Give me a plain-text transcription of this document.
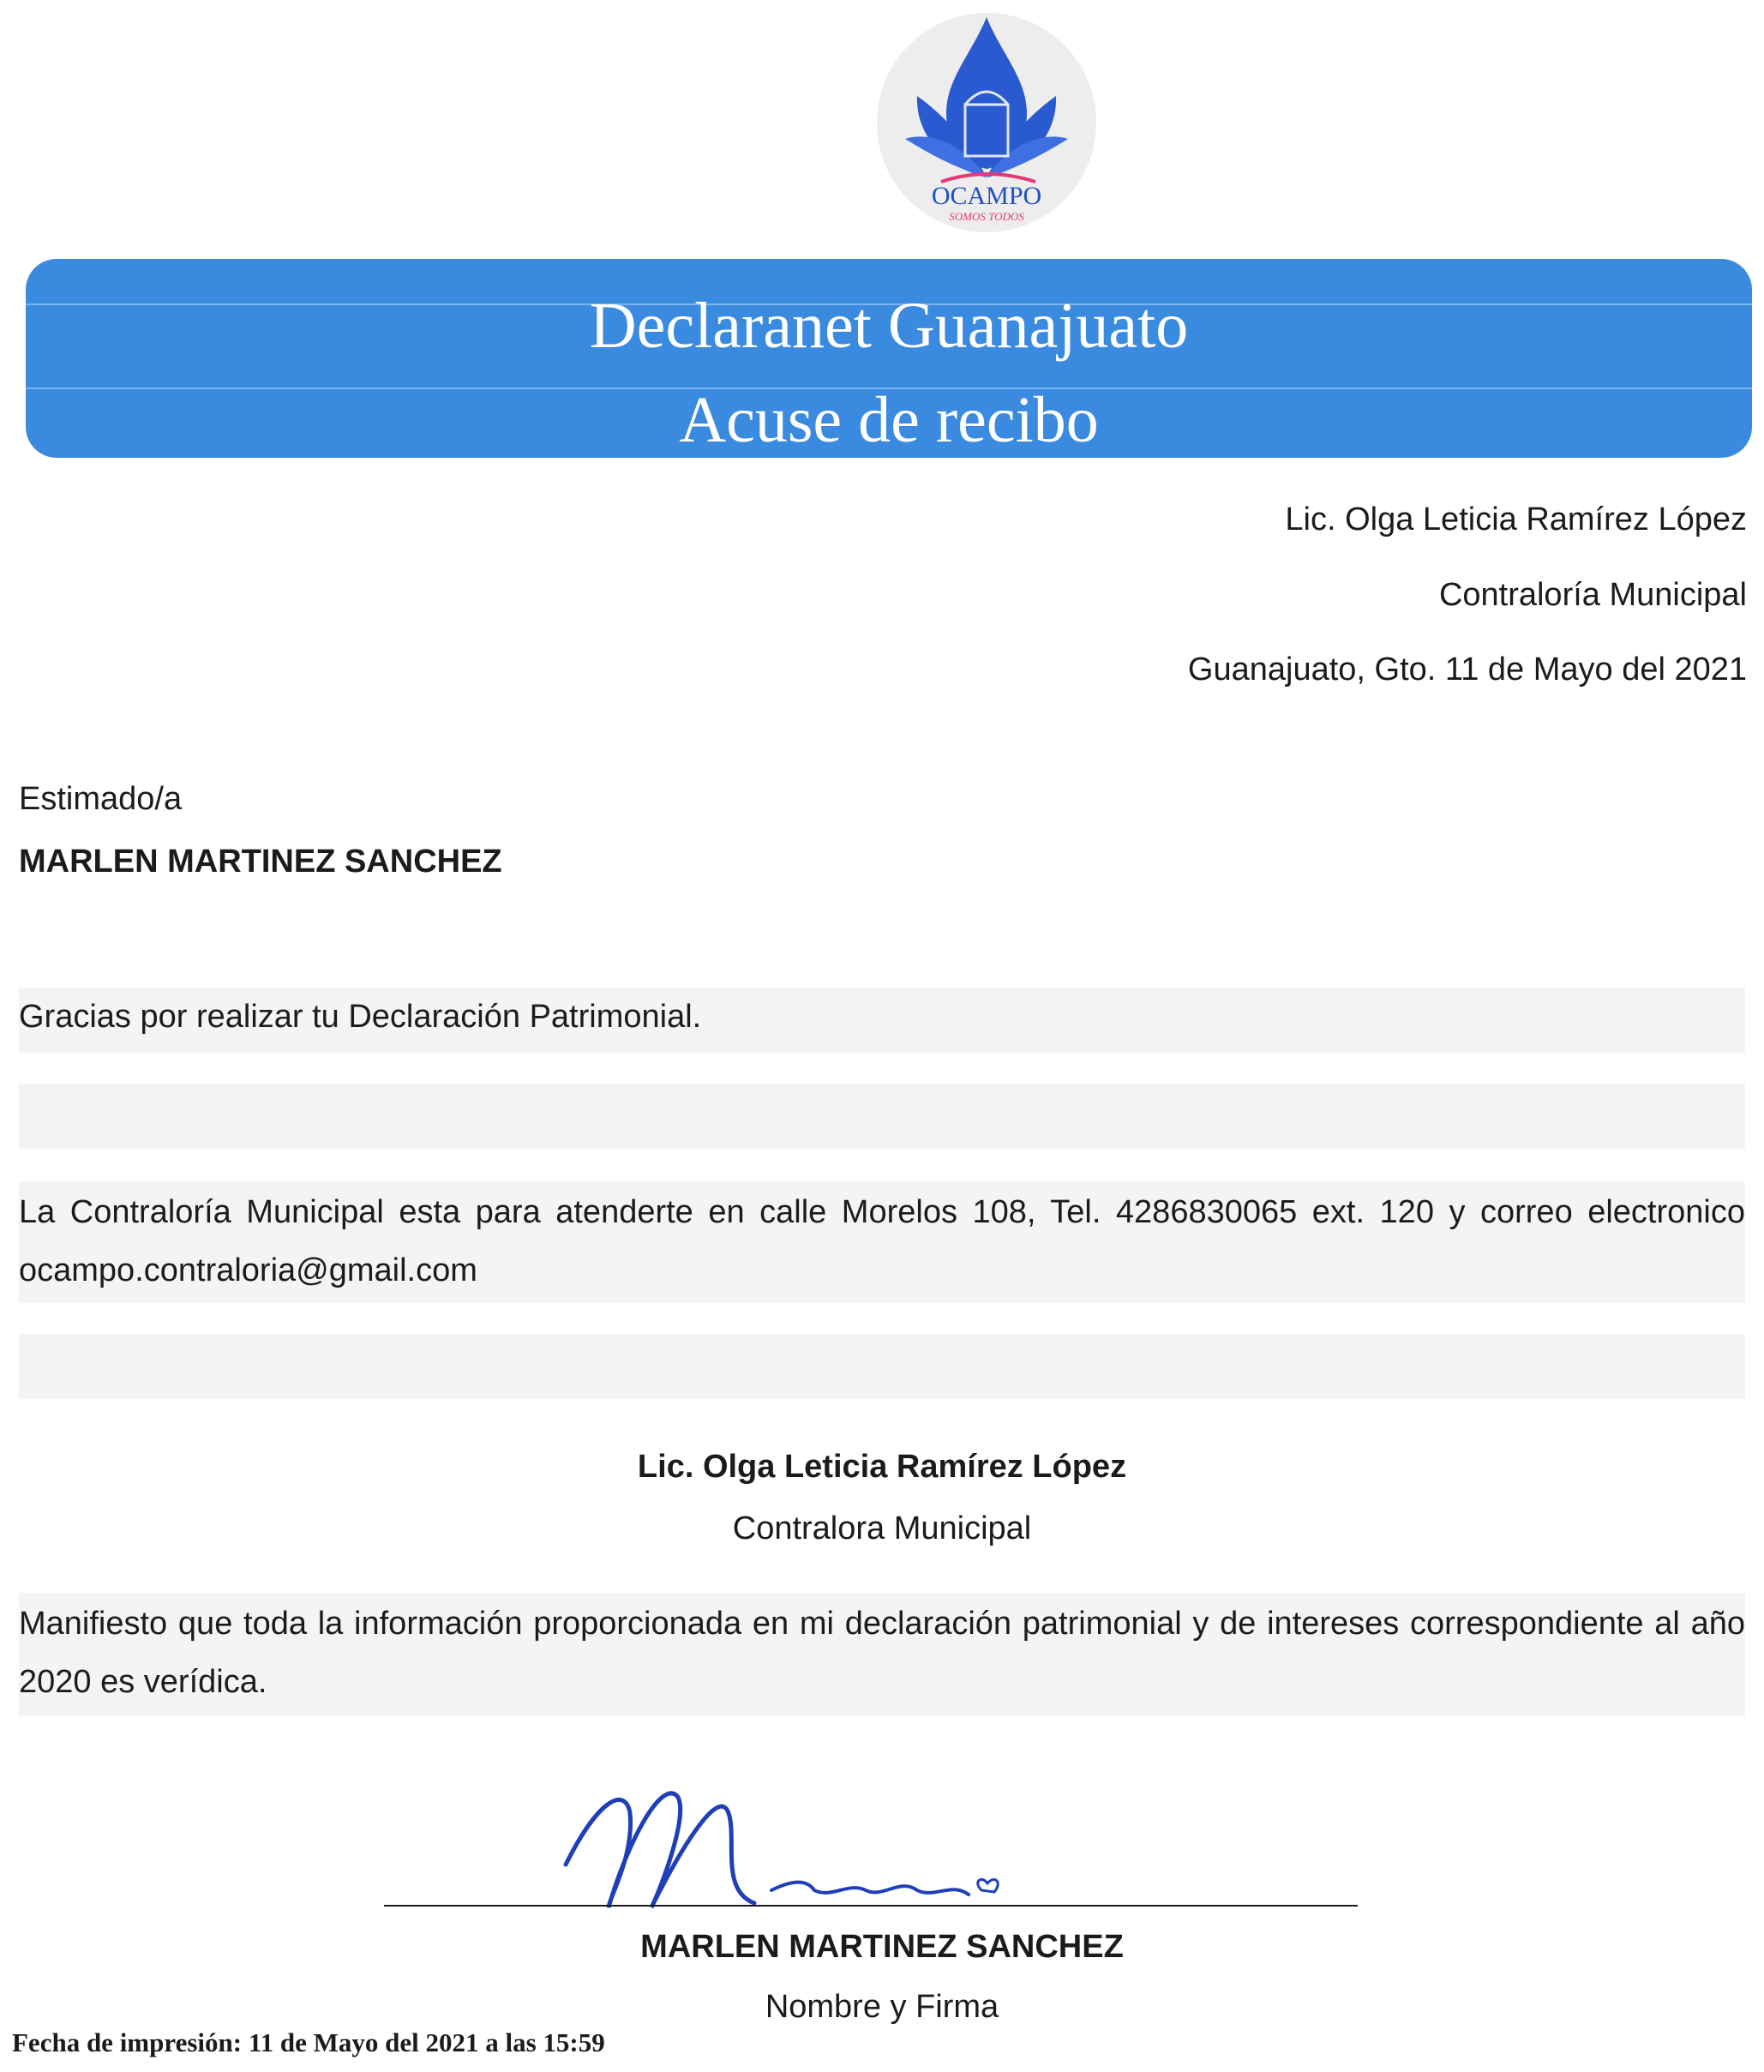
OCAMPO
SOMOS TODOS
Declaranet Guanajuato
Acuse de recibo
Lic. Olga Leticia Ramírez López
Contraloría Municipal
Guanajuato, Gto. 11 de Mayo del 2021
Estimado/a
MARLEN MARTINEZ SANCHEZ
Gracias por realizar tu Declaración Patrimonial.
La Contraloría Municipal esta para atenderte en calle Morelos 108, Tel. 4286830065 ext. 120 y correo electronico ocampo.contraloria@gmail.com
Lic. Olga Leticia Ramírez López
Contralora Municipal
Manifiesto que toda la información proporcionada en mi declaración patrimonial y de intereses correspondiente al año 2020 es verídica.
MARLEN MARTINEZ SANCHEZ
Nombre y Firma
Fecha de impresión: 11 de Mayo del 2021 a las 15:59
